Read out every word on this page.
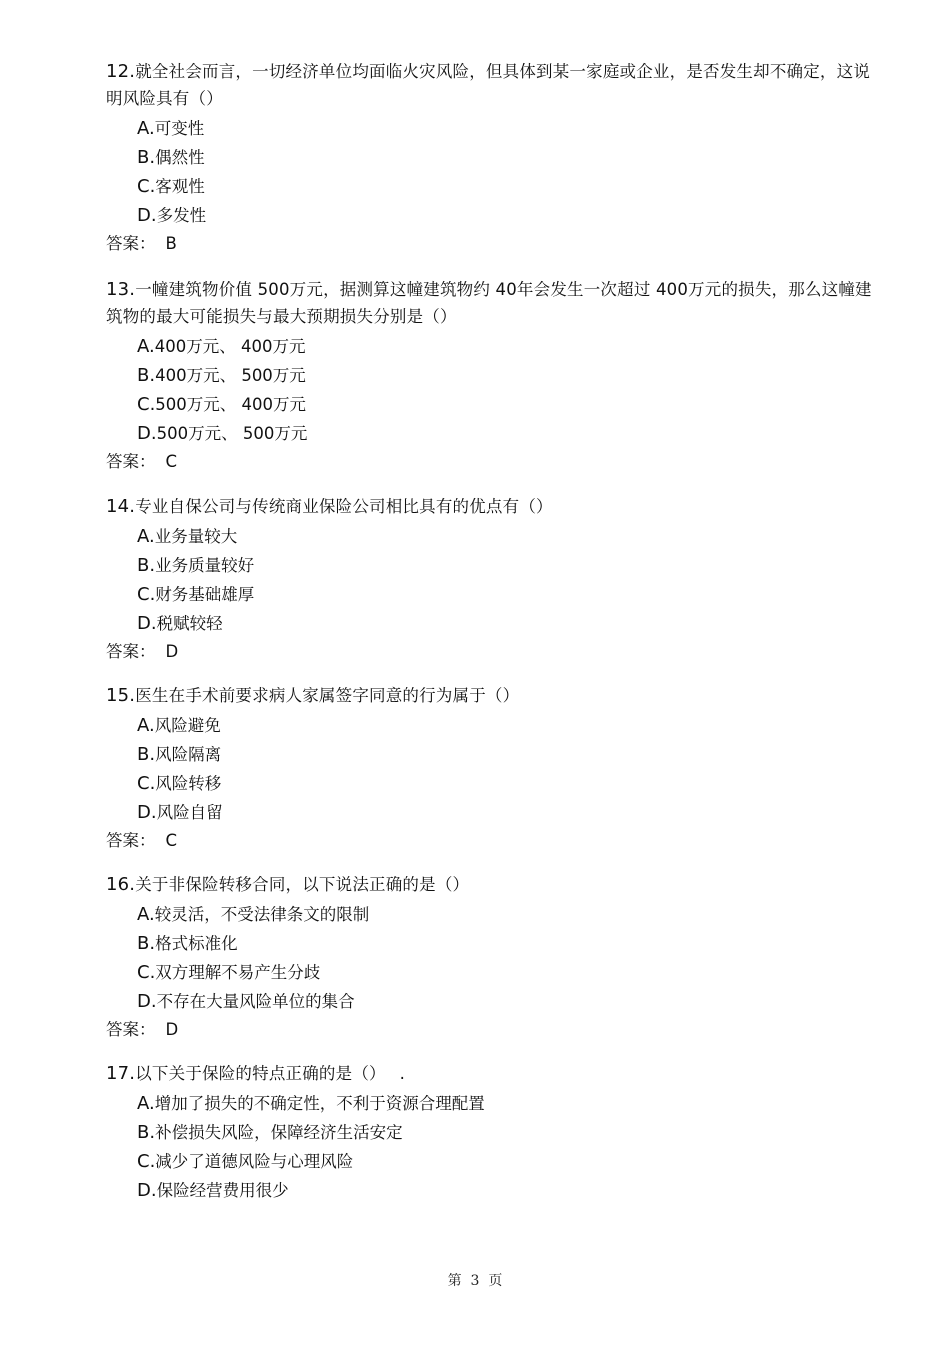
12.就全社会而言，一切经济单位均面临火灾风险，但具体到某一家庭或企业，是否发生却不确定，这说明风险具有（）

A.可变性
B.偶然性
C.客观性
D.多发性
答案： B

13.一幢建筑物价值 500万元，据测算这幢建筑物约 40年会发生一次超过 400万元的损失，那么这幢建筑物的最大可能损失与最大预期损失分别是（）

A.400万元、 400万元
B.400万元、 500万元
C.500万元、 400万元
D.500万元、 500万元
答案： C

14.专业自保公司与传统商业保险公司相比具有的优点有（）

A.业务量较大
B.业务质量较好
C.财务基础雄厚
D.税赋较轻
答案： D

15.医生在手术前要求病人家属签字同意的行为属于（）

A.风险避免
B.风险隔离
C.风险转移
D.风险自留
答案： C

16.关于非保险转移合同，以下说法正确的是（）

A.较灵活，不受法律条文的限制
B.格式标准化
C.双方理解不易产生分歧
D.不存在大量风险单位的集合
答案： D

17.以下关于保险的特点正确的是（）　 .

A.增加了损失的不确定性，不利于资源合理配置
B.补偿损失风险，保障经济生活安定
C.减少了道德风险与心理风险
D.保险经营费用很少
第 3 页
